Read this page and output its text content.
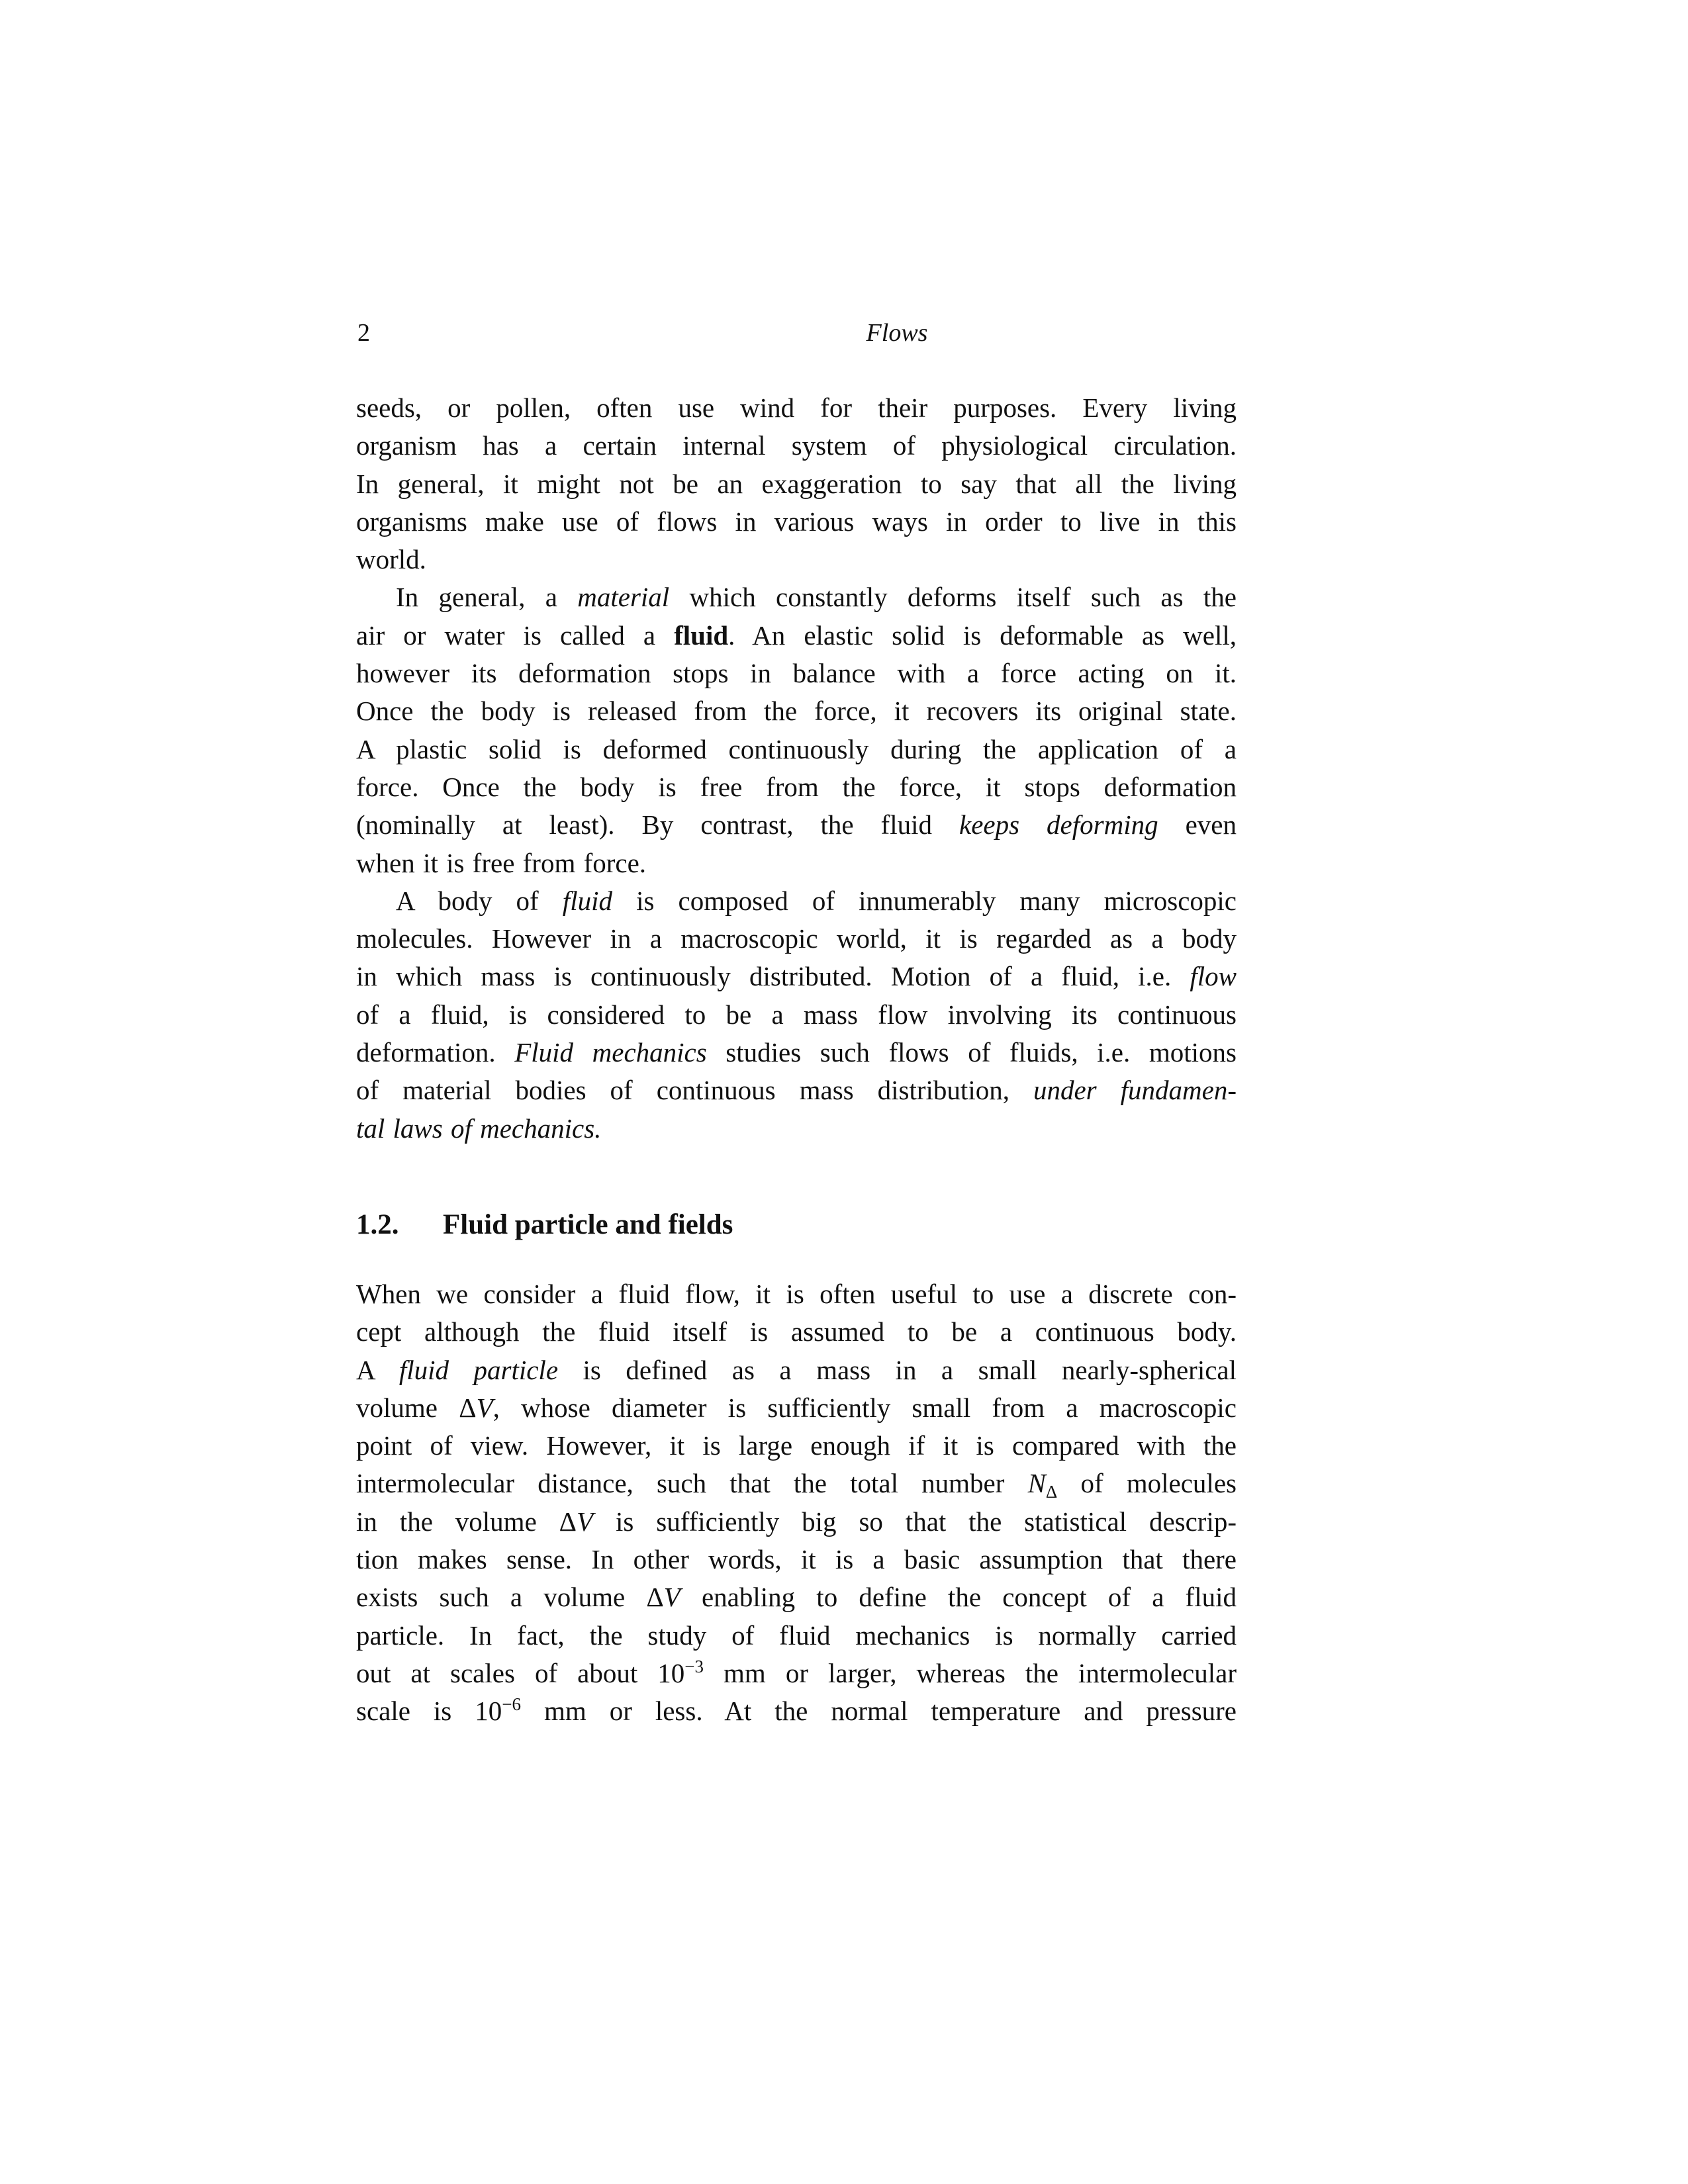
2	Flows
seeds, or pollen, often use wind for their purposes. Every living
organism has a certain internal system of physiological circulation.
In general, it might not be an exaggeration to say that all the living
organisms make use of flows in various ways in order to live in this
world.
In general, a material which constantly deforms itself such as the
air or water is called a fluid. An elastic solid is deformable as well,
however its deformation stops in balance with a force acting on it.
Once the body is released from the force, it recovers its original state.
A plastic solid is deformed continuously during the application of a
force. Once the body is free from the force, it stops deformation
(nominally at least). By contrast, the fluid keeps deforming even
when it is free from force.
A body of fluid is composed of innumerably many microscopic
molecules. However in a macroscopic world, it is regarded as a body
in which mass is continuously distributed. Motion of a fluid, i.e. flow
of a fluid, is considered to be a mass flow involving its continuous
deformation. Fluid mechanics studies such flows of fluids, i.e. motions
of material bodies of continuous mass distribution, under fundamen-
tal laws of mechanics.
1.2. Fluid particle and fields
When we consider a fluid flow, it is often useful to use a discrete con-
cept although the fluid itself is assumed to be a continuous body.
A fluid particle is defined as a mass in a small nearly-spherical
volume ΔV, whose diameter is sufficiently small from a macroscopic
point of view. However, it is large enough if it is compared with the
intermolecular distance, such that the total number $N_\Delta$ of molecules
in the volume ΔV is sufficiently big so that the statistical descrip-
tion makes sense. In other words, it is a basic assumption that there
exists such a volume ΔV enabling to define the concept of a fluid
particle. In fact, the study of fluid mechanics is normally carried
out at scales of about $10^{-3}$ mm or larger, whereas the intermolecular
scale is $10^{-6}$ mm or less. At the normal temperature and pressure
